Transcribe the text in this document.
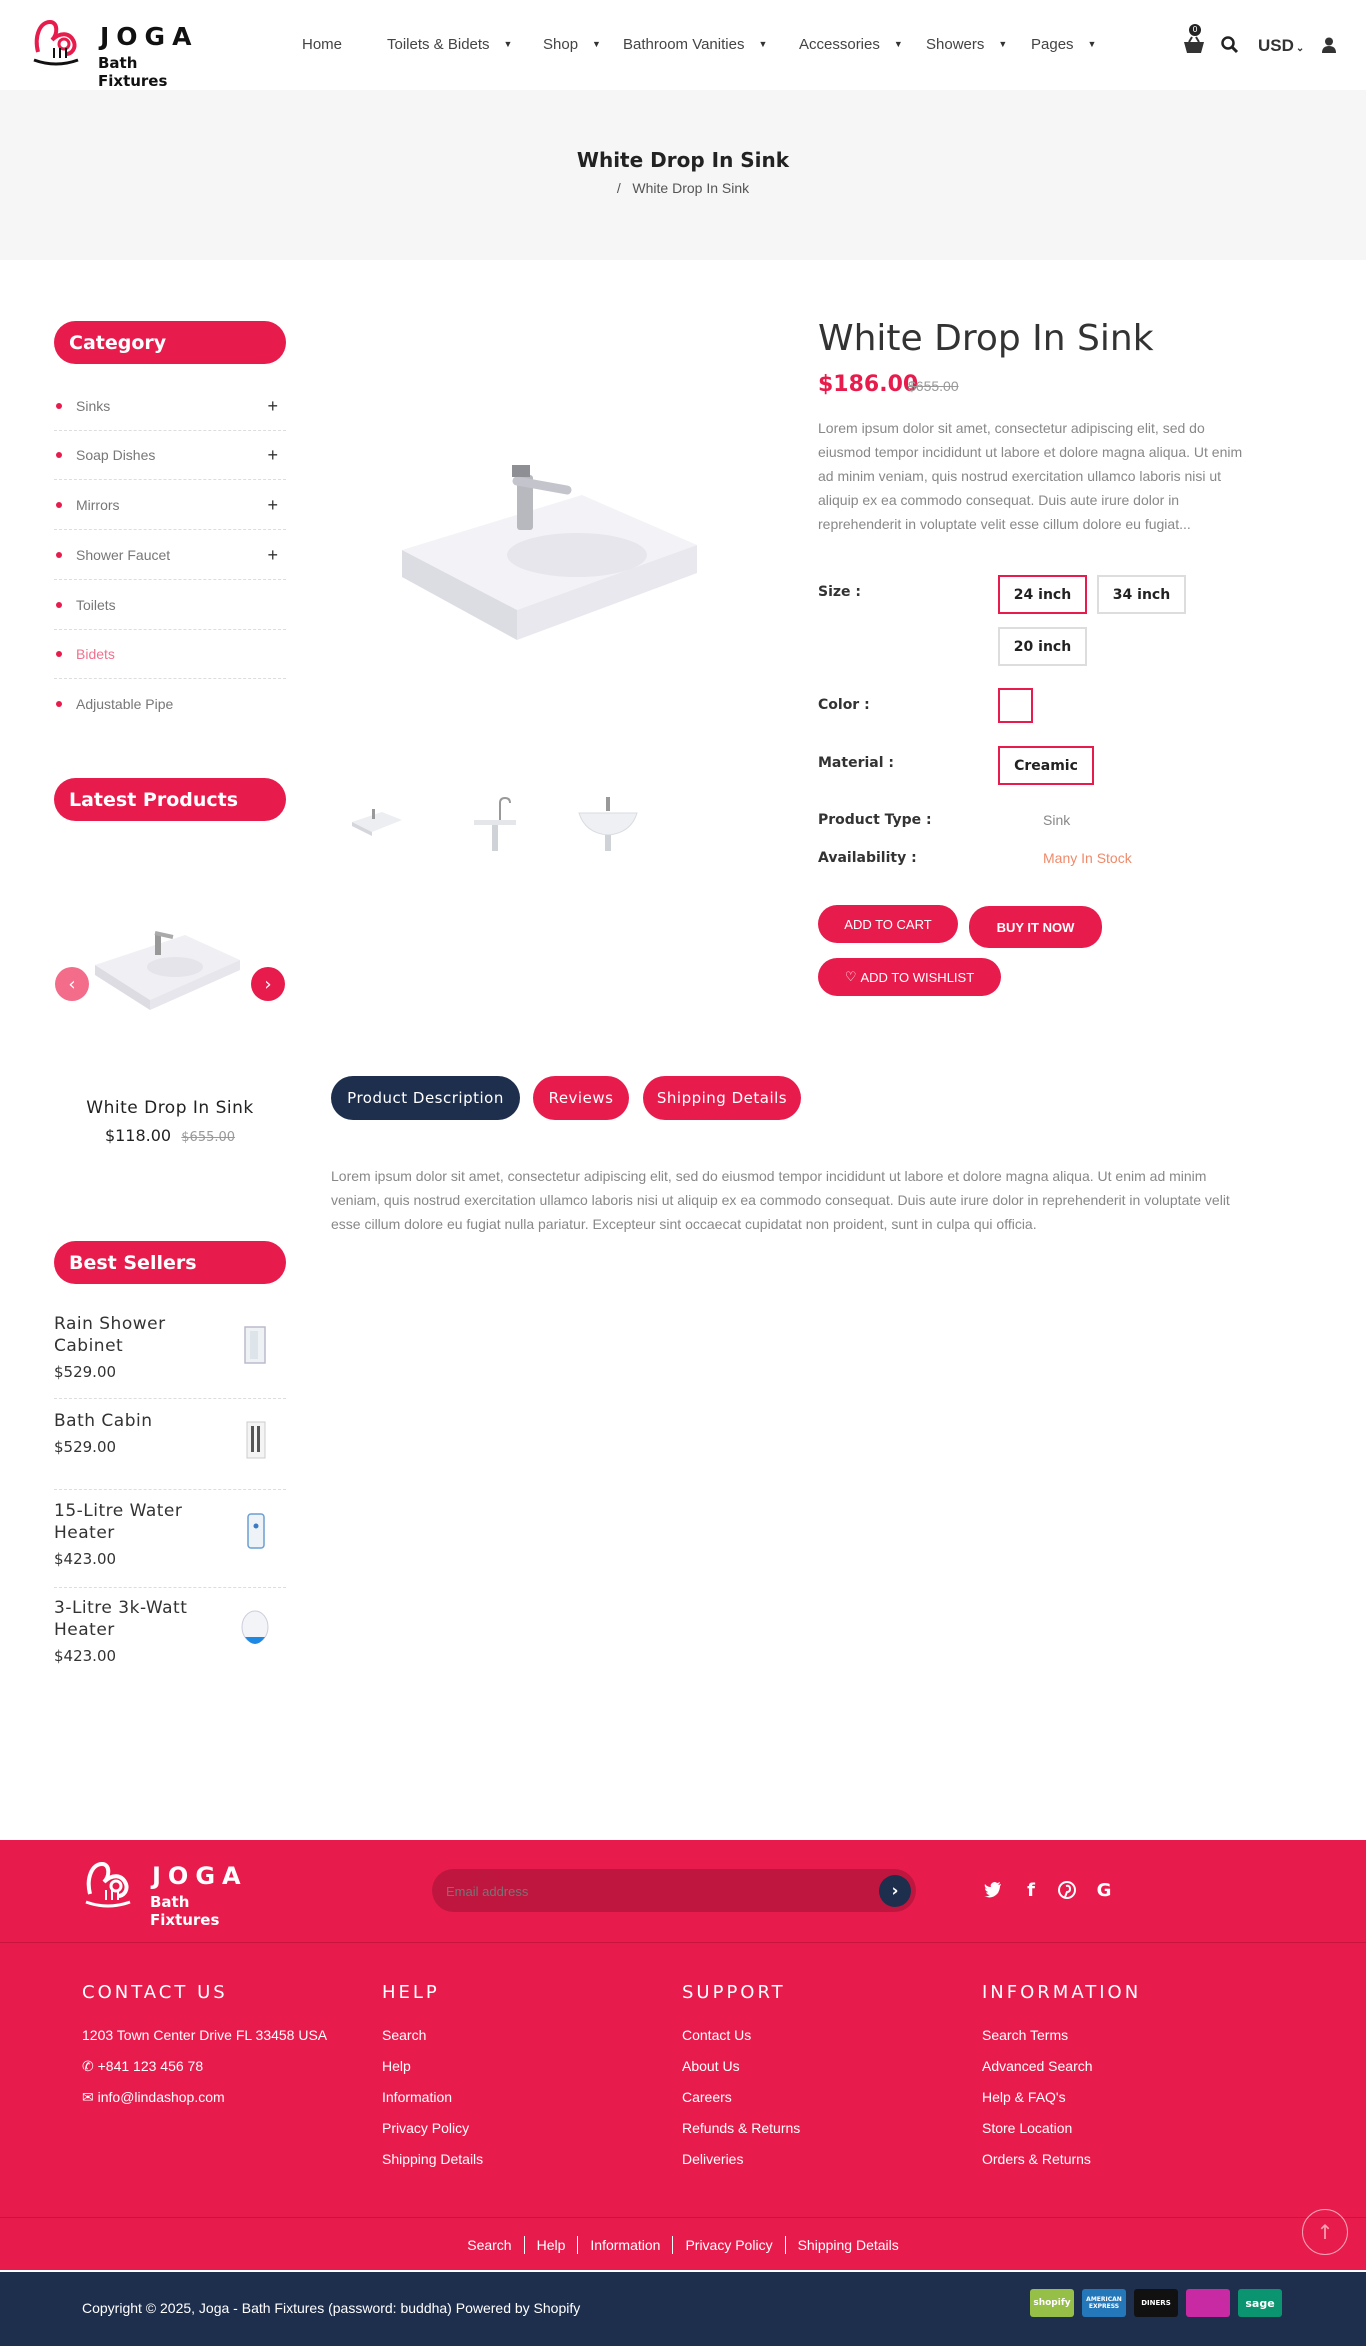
JOGA
Bath Fixtures
Home	Toilets & Bidets ▼ Shop ▼ Bathroom Vanities ▼ Accessories ▼ Showers ▼ Pages ▼
0
USD ⌄
White Drop In Sink
/ White Drop In Sink
Category
Sinks	+
Soap Dishes	+
Mirrors	+
Shower Faucet	+
Toilets
Bidets
Adjustable Pipe
Latest Products
‹	›
White Drop In Sink
$118.00 $655.00
Best Sellers
Rain Shower Cabinet
$529.00
Bath Cabin
$529.00
15-Litre Water Heater
$423.00
3-Litre 3k-Watt Heater
$423.00
White Drop In Sink
$186.00
$655.00
Lorem ipsum dolor sit amet, consectetur adipiscing elit, sed do eiusmod tempor incididunt ut labore et dolore magna aliqua. Ut enim ad minim veniam, quis nostrud exercitation ullamco laboris nisi ut aliquip ex ea commodo consequat. Duis aute irure dolor in reprehenderit in voluptate velit esse cillum dolore eu fugiat...
Size :	24 inch	34 inch
20 inch
Color :
Material :	Creamic
Product Type :	Sink
Availability :	Many In Stock
ADD TO CART	BUY IT NOW
♡ ADD TO WISHLIST
Product Description	Reviews	Shipping Details
Lorem ipsum dolor sit amet, consectetur adipiscing elit, sed do eiusmod tempor incididunt ut labore et dolore magna aliqua. Ut enim ad minim veniam, quis nostrud exercitation ullamco laboris nisi ut aliquip ex ea commodo consequat. Duis aute irure dolor in reprehenderit in voluptate velit esse cillum dolore eu fugiat nulla pariatur. Excepteur sint occaecat cupidatat non proident, sunt in culpa qui officia.
JOGA
Bath Fixtures
Email address
›	f	G
CONTACT US
1203 Town Center Drive FL 33458 USA
✆ +841 123 456 78
✉ info@lindashop.com
HELP
Search
Help
Information
Privacy Policy
Shipping Details
SUPPORT
Contact Us
About Us
Careers
Refunds & Returns
Deliveries
INFORMATION
Search Terms
Advanced Search
Help & FAQ's
Store Location
Orders & Returns
Search	Help	Information	Privacy Policy	Shipping Details
↑
Copyright © 2025, Joga - Bath Fixtures (password: buddha) Powered by Shopify	shopify	AMERICAN EXPRESS	DINERS	sage
